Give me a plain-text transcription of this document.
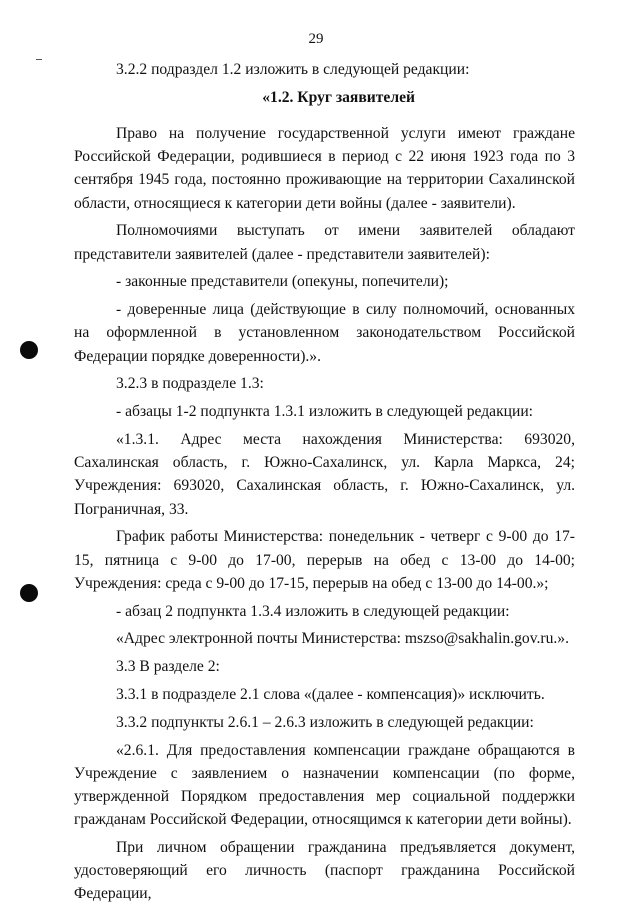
29

3.2.2 подраздел 1.2 изложить в следующей редакции:

«1.2. Круг заявителей

Право на получение государственной услуги имеют граждане Российской Федерации, родившиеся в период с 22 июня 1923 года по 3 сентября 1945 года, постоянно проживающие на территории Сахалинской области, относящиеся к категории дети войны (далее - заявители).

Полномочиями выступать от имени заявителей обладают представители заявителей (далее - представители заявителей):

- законные представители (опекуны, попечители);

- доверенные лица (действующие в силу полномочий, основанных на оформленной в установленном законодательством Российской Федерации порядке доверенности).».

3.2.3 в подразделе 1.3:

- абзацы 1-2 подпункта 1.3.1 изложить в следующей редакции:

«1.3.1. Адрес места нахождения Министерства: 693020, Сахалинская область, г. Южно-Сахалинск, ул. Карла Маркса, 24; Учреждения: 693020, Сахалинская область, г. Южно-Сахалинск, ул. Пограничная, 33.

График работы Министерства: понедельник - четверг с 9-00 до 17-15, пятница с 9-00 до 17-00, перерыв на обед с 13-00 до 14-00; Учреждения: среда с 9-00 до 17-15, перерыв на обед с 13-00 до 14-00.»;

- абзац 2 подпункта 1.3.4 изложить в следующей редакции:

«Адрес электронной почты Министерства: mszso@sakhalin.gov.ru.».

3.3 В разделе 2:

3.3.1 в подразделе 2.1 слова «(далее - компенсация)» исключить.

3.3.2 подпункты 2.6.1 – 2.6.3 изложить в следующей редакции:

«2.6.1. Для предоставления компенсации граждане обращаются в Учреждение с заявлением о назначении компенсации (по форме, утвержденной Порядком предоставления мер социальной поддержки гражданам Российской Федерации, относящимся к категории дети войны).

При личном обращении гражданина предъявляется документ, удостоверяющий его личность (паспорт гражданина Российской Федерации,
